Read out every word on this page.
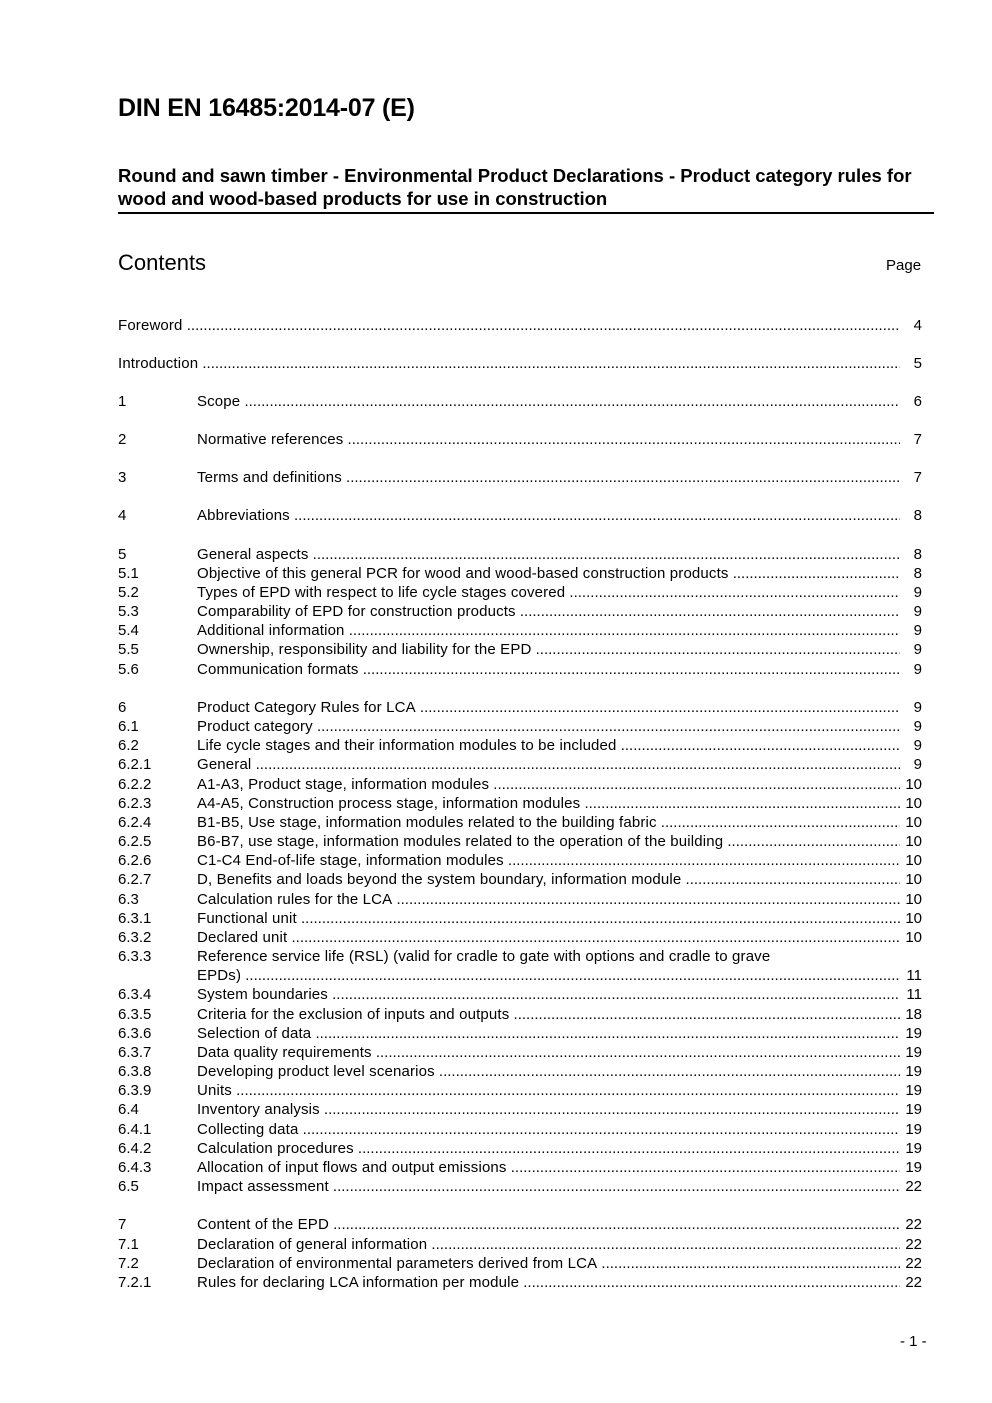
DIN EN 16485:2014-07 (E)
Round and sawn timber - Environmental Product Declarations - Product category rules for wood and wood-based products for use in construction
Contents	Page
Foreword .....	4
Introduction .....	5
1	Scope .....	6
2	Normative references .....	7
3	Terms and definitions .....	7
4	Abbreviations .....	8
5	General aspects .....	8
5.1	Objective of this general PCR for wood and wood-based construction products .....	8
5.2	Types of EPD with respect to life cycle stages covered .....	9
5.3	Comparability of EPD for construction products .....	9
5.4	Additional information .....	9
5.5	Ownership, responsibility and liability for the EPD .....	9
5.6	Communication formats .....	9
6	Product Category Rules for LCA .....	9
6.1	Product category .....	9
6.2	Life cycle stages and their information modules to be included .....	9
6.2.1	General .....	9
6.2.2	A1-A3, Product stage, information modules .....	10
6.2.3	A4-A5, Construction process stage, information modules .....	10
6.2.4	B1-B5, Use stage, information modules related to the building fabric .....	10
6.2.5	B6-B7, use stage, information modules related to the operation of the building .....	10
6.2.6	C1-C4 End-of-life stage, information modules .....	10
6.2.7	D, Benefits and loads beyond the system boundary, information module .....	10
6.3	Calculation rules for the LCA .....	10
6.3.1	Functional unit .....	10
6.3.2	Declared unit .....	10
6.3.3	Reference service life (RSL) (valid for cradle to gate with options and cradle to grave
EPDs) .....	11
6.3.4	System boundaries .....	11
6.3.5	Criteria for the exclusion of inputs and outputs .....	18
6.3.6	Selection of data .....	19
6.3.7	Data quality requirements .....	19
6.3.8	Developing product level scenarios .....	19
6.3.9	Units .....	19
6.4	Inventory analysis .....	19
6.4.1	Collecting data .....	19
6.4.2	Calculation procedures .....	19
6.4.3	Allocation of input flows and output emissions .....	19
6.5	Impact assessment .....	22
7	Content of the EPD .....	22
7.1	Declaration of general information .....	22
7.2	Declaration of environmental parameters derived from LCA .....	22
7.2.1	Rules for declaring LCA information per module .....	22
- 1 -
